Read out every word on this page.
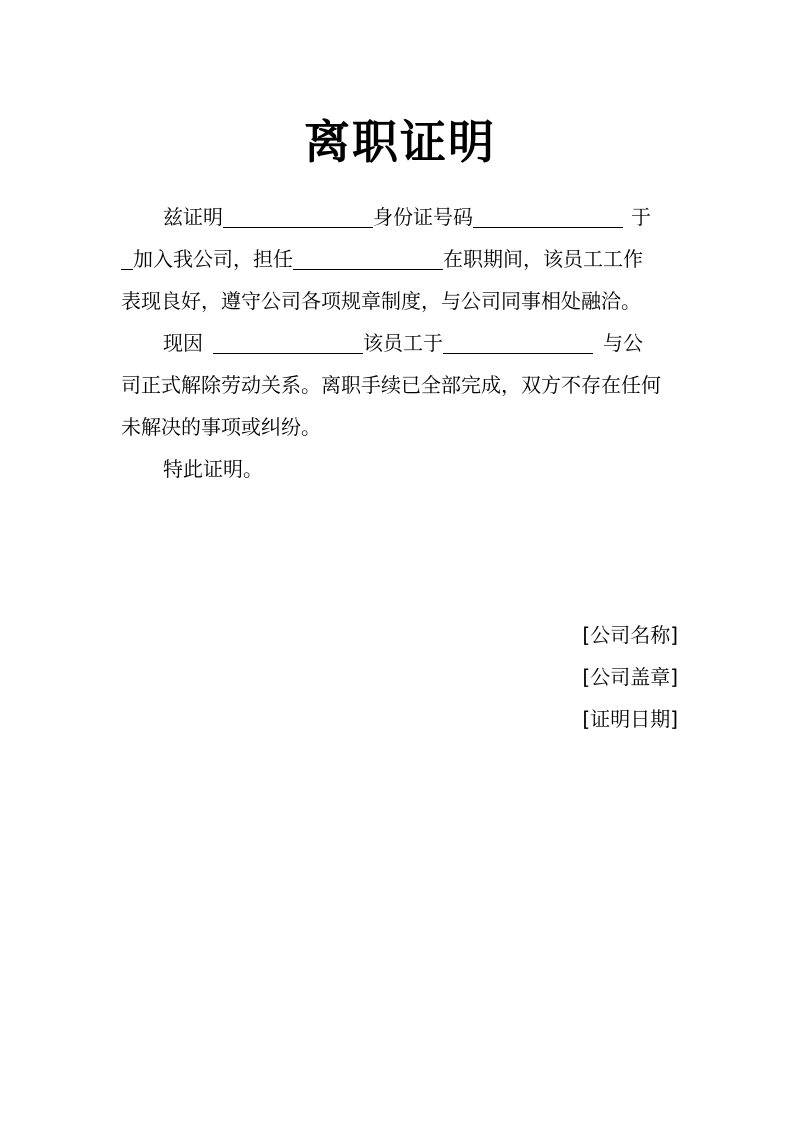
离职证明

兹证明	身份证号码	于加入我公司，担任	在职期间，该员工工作表现良好，遵守公司各项规章制度，与公司同事相处融洽。

现因	该员工于	与公司正式解除劳动关系。离职手续已全部完成，双方不存在任何未解决的事项或纠纷。

特此证明。

[公司名称]
[公司盖章]
[证明日期]
